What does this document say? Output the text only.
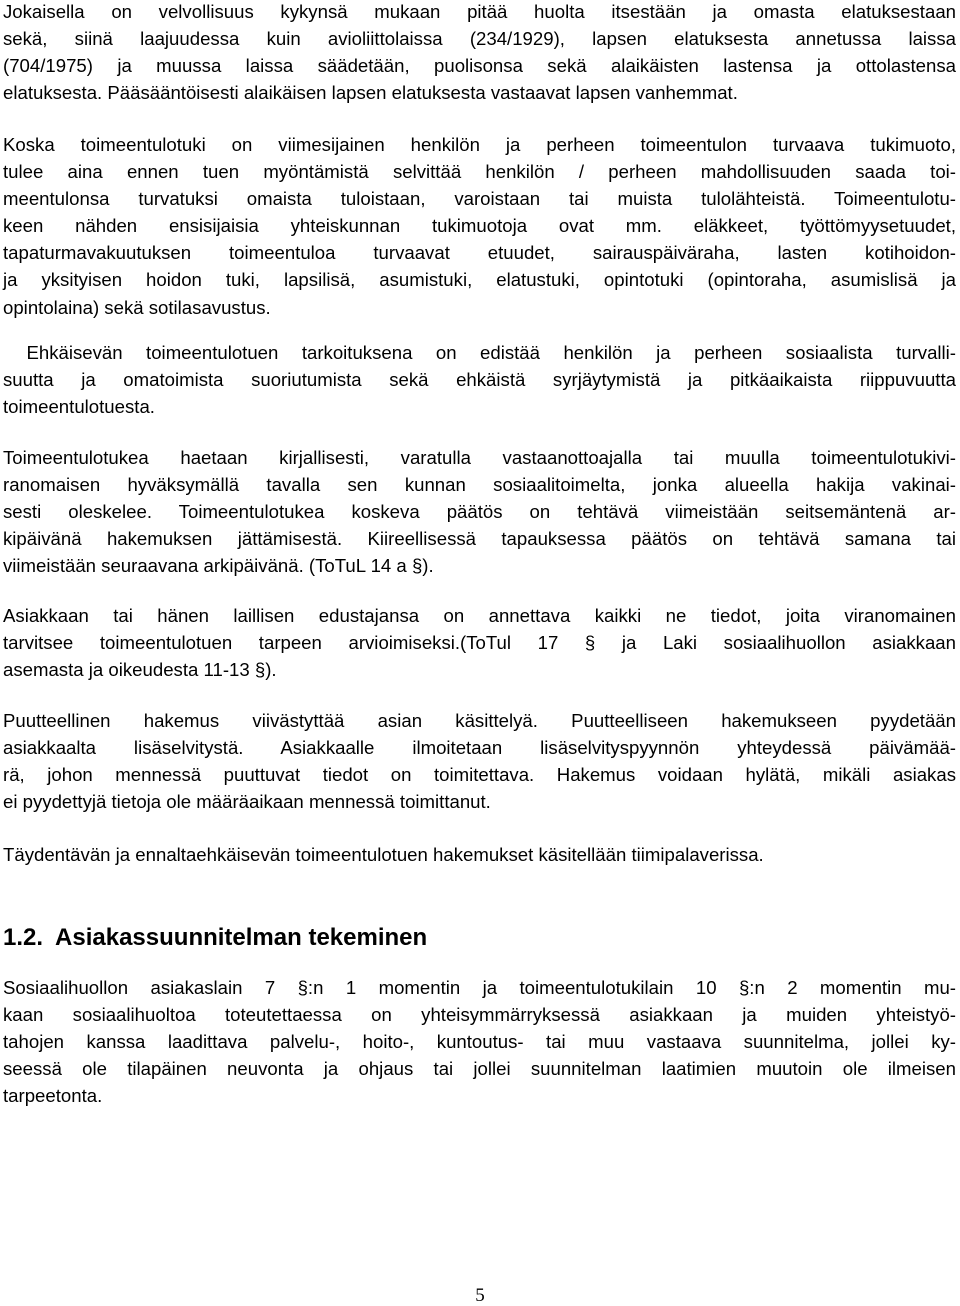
Jokaisella on velvollisuus kykynsä mukaan pitää huolta itsestään ja omasta elatuksestaan
sekä, siinä laajuudessa kuin avioliittolaissa (234/1929), lapsen elatuksesta annetussa laissa
(704/1975) ja muussa laissa säädetään, puolisonsa sekä alaikäisten lastensa ja ottolastensa
elatuksesta. Pääsääntöisesti alaikäisen lapsen elatuksesta vastaavat lapsen vanhemmat.
Koska toimeentulotuki on viimesijainen henkilön ja perheen toimeentulon turvaava tukimuoto,
tulee aina ennen tuen myöntämistä selvittää henkilön / perheen mahdollisuuden saada toi-
meentulonsa turvatuksi omaista tuloistaan, varoistaan tai muista tulolähteistä. Toimeentulotu-
keen nähden ensisijaisia yhteiskunnan tukimuotoja ovat mm. eläkkeet, työttömyysetuudet,
tapaturmavakuutuksen toimeentuloa turvaavat etuudet, sairauspäiväraha, lasten kotihoidon-
ja yksityisen hoidon tuki, lapsilisä, asumistuki, elatustuki, opintotuki (opintoraha, asumislisä ja
opintolaina) sekä sotilasavustus.
Ehkäisevän toimeentulotuen tarkoituksena on edistää henkilön ja perheen sosiaalista turvalli-
suutta ja omatoimista suoriutumista sekä ehkäistä syrjäytymistä ja pitkäaikaista riippuvuutta
toimeentulotuesta.
Toimeentulotukea haetaan kirjallisesti, varatulla vastaanottoajalla tai muulla toimeentulotukivi-
ranomaisen hyväksymällä tavalla sen kunnan sosiaalitoimelta, jonka alueella hakija vakinai-
sesti oleskelee. Toimeentulotukea koskeva päätös on tehtävä viimeistään seitsemäntenä ar-
kipäivänä hakemuksen jättämisestä. Kiireellisessä tapauksessa päätös on tehtävä samana tai
viimeistään seuraavana arkipäivänä. (ToTuL 14 a §).
Asiakkaan tai hänen laillisen edustajansa on annettava kaikki ne tiedot, joita viranomainen
tarvitsee toimeentulotuen tarpeen arvioimiseksi.(ToTul 17 § ja Laki sosiaalihuollon asiakkaan
asemasta ja oikeudesta 11-13 §).
Puutteellinen hakemus viivästyttää asian käsittelyä. Puutteelliseen hakemukseen pyydetään
asiakkaalta lisäselvitystä. Asiakkaalle ilmoitetaan lisäselvityspyynnön yhteydessä päivämää-
rä, johon mennessä puuttuvat tiedot on toimitettava. Hakemus voidaan hylätä, mikäli asiakas
ei pyydettyjä tietoja ole määräaikaan mennessä toimittanut.
Täydentävän ja ennaltaehkäisevän toimeentulotuen hakemukset käsitellään tiimipalaverissa.
1.2. Asiakassuunnitelman tekeminen
Sosiaalihuollon asiakaslain 7 §:n 1 momentin ja toimeentulotukilain 10 §:n 2 momentin mu-
kaan sosiaalihuoltoa toteutettaessa on yhteisymmärryksessä asiakkaan ja muiden yhteistyö-
tahojen kanssa laadittava palvelu-, hoito-, kuntoutus- tai muu vastaava suunnitelma, jollei ky-
seessä ole tilapäinen neuvonta ja ohjaus tai jollei suunnitelman laatimien muutoin ole ilmeisen
tarpeetonta.
5
